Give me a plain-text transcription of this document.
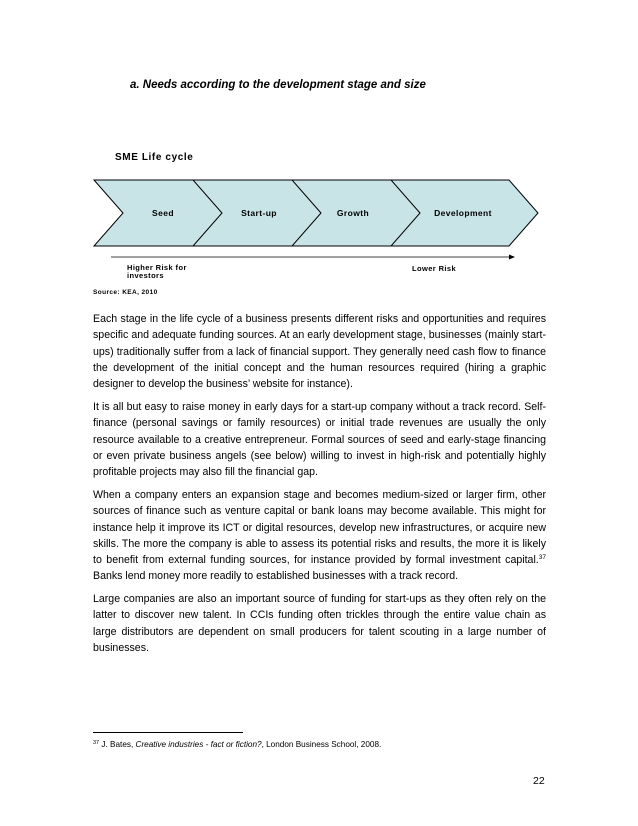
a. Needs according to the development stage and size
SME Life cycle
Seed	Start-up	Growth	Development
Higher Risk for investors
Lower Risk
Source: KEA, 2010

Each stage in the life cycle of a business presents different risks and opportunities and requires specific and adequate funding sources. At an early development stage, businesses (mainly start-ups) traditionally suffer from a lack of financial support. They generally need cash flow to finance the development of the initial concept and the human resources required (hiring a graphic designer to develop the business’ website for instance).

It is all but easy to raise money in early days for a start-up company without a track record. Self-finance (personal savings or family resources) or initial trade revenues are usually the only resource available to a creative entrepreneur. Formal sources of seed and early-stage financing or even private business angels (see below) willing to invest in high-risk and potentially highly profitable projects may also fill the financial gap.

When a company enters an expansion stage and becomes medium-sized or larger firm, other sources of finance such as venture capital or bank loans may become available. This might for instance help it improve its ICT or digital resources, develop new infrastructures, or acquire new skills. The more the company is able to assess its potential risks and results, the more it is likely to benefit from external funding sources, for instance provided by formal investment capital.$^{37}$ Banks lend money more readily to established businesses with a track record.

Large companies are also an important source of funding for start-ups as they often rely on the latter to discover new talent. In CCIs funding often trickles through the entire value chain as large distributors are dependent on small producers for talent scouting in a large number of businesses.

$^{37}$ J. Bates, Creative industries - fact or fiction?, London Business School, 2008.
22
